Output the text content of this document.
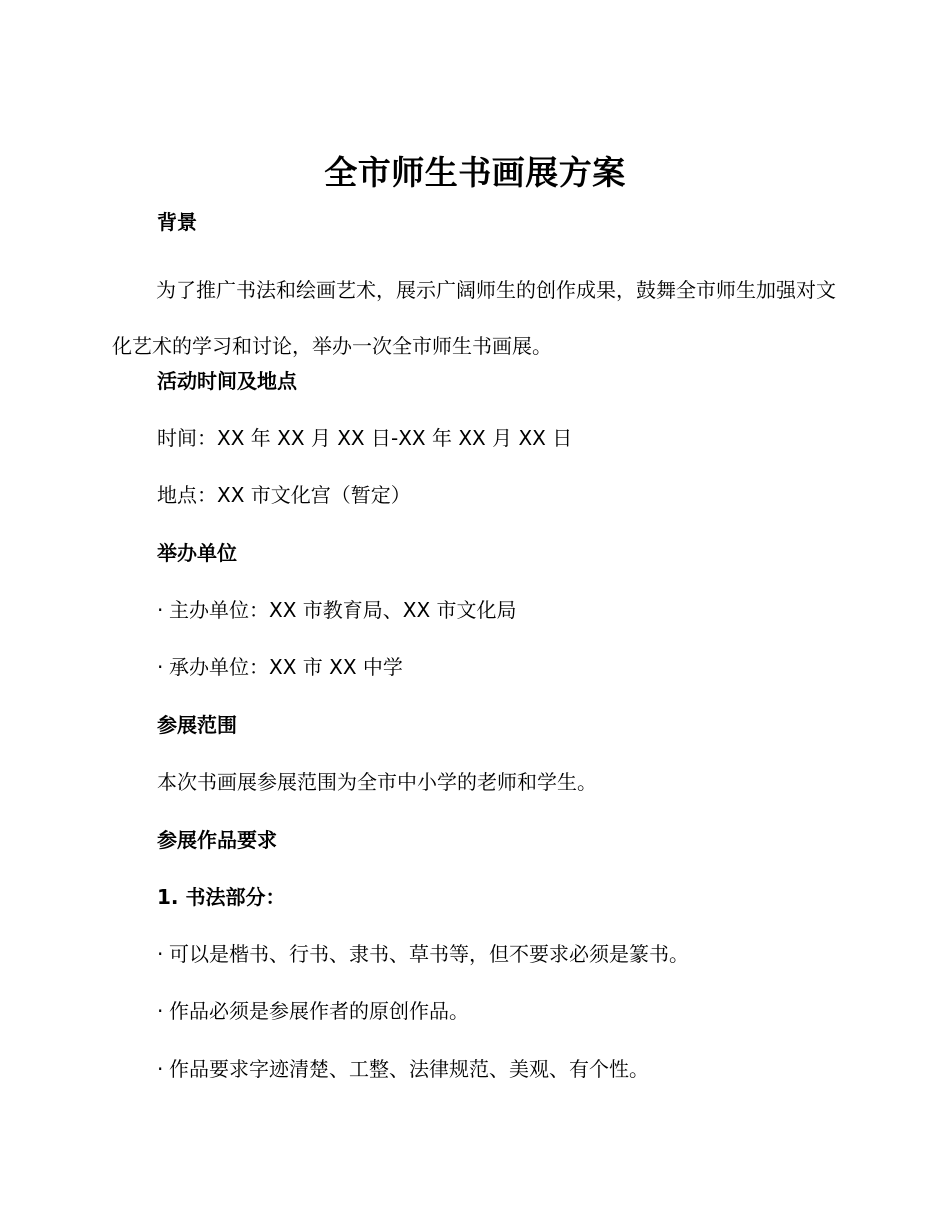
全市师生书画展方案
背景
为了推广书法和绘画艺术，展示广阔师生的创作成果，鼓舞全市师生加强对文化艺术的学习和讨论，举办一次全市师生书画展。
活动时间及地点
时间：XX 年 XX 月 XX 日-XX 年 XX 月 XX 日
地点：XX 市文化宫（暂定）
举办单位
· 主办单位：XX 市教育局、XX 市文化局
· 承办单位：XX 市 XX 中学
参展范围
本次书画展参展范围为全市中小学的老师和学生。
参展作品要求
1. 书法部分：
· 可以是楷书、行书、隶书、草书等，但不要求必须是篆书。
· 作品必须是参展作者的原创作品。
· 作品要求字迹清楚、工整、法律规范、美观、有个性。
